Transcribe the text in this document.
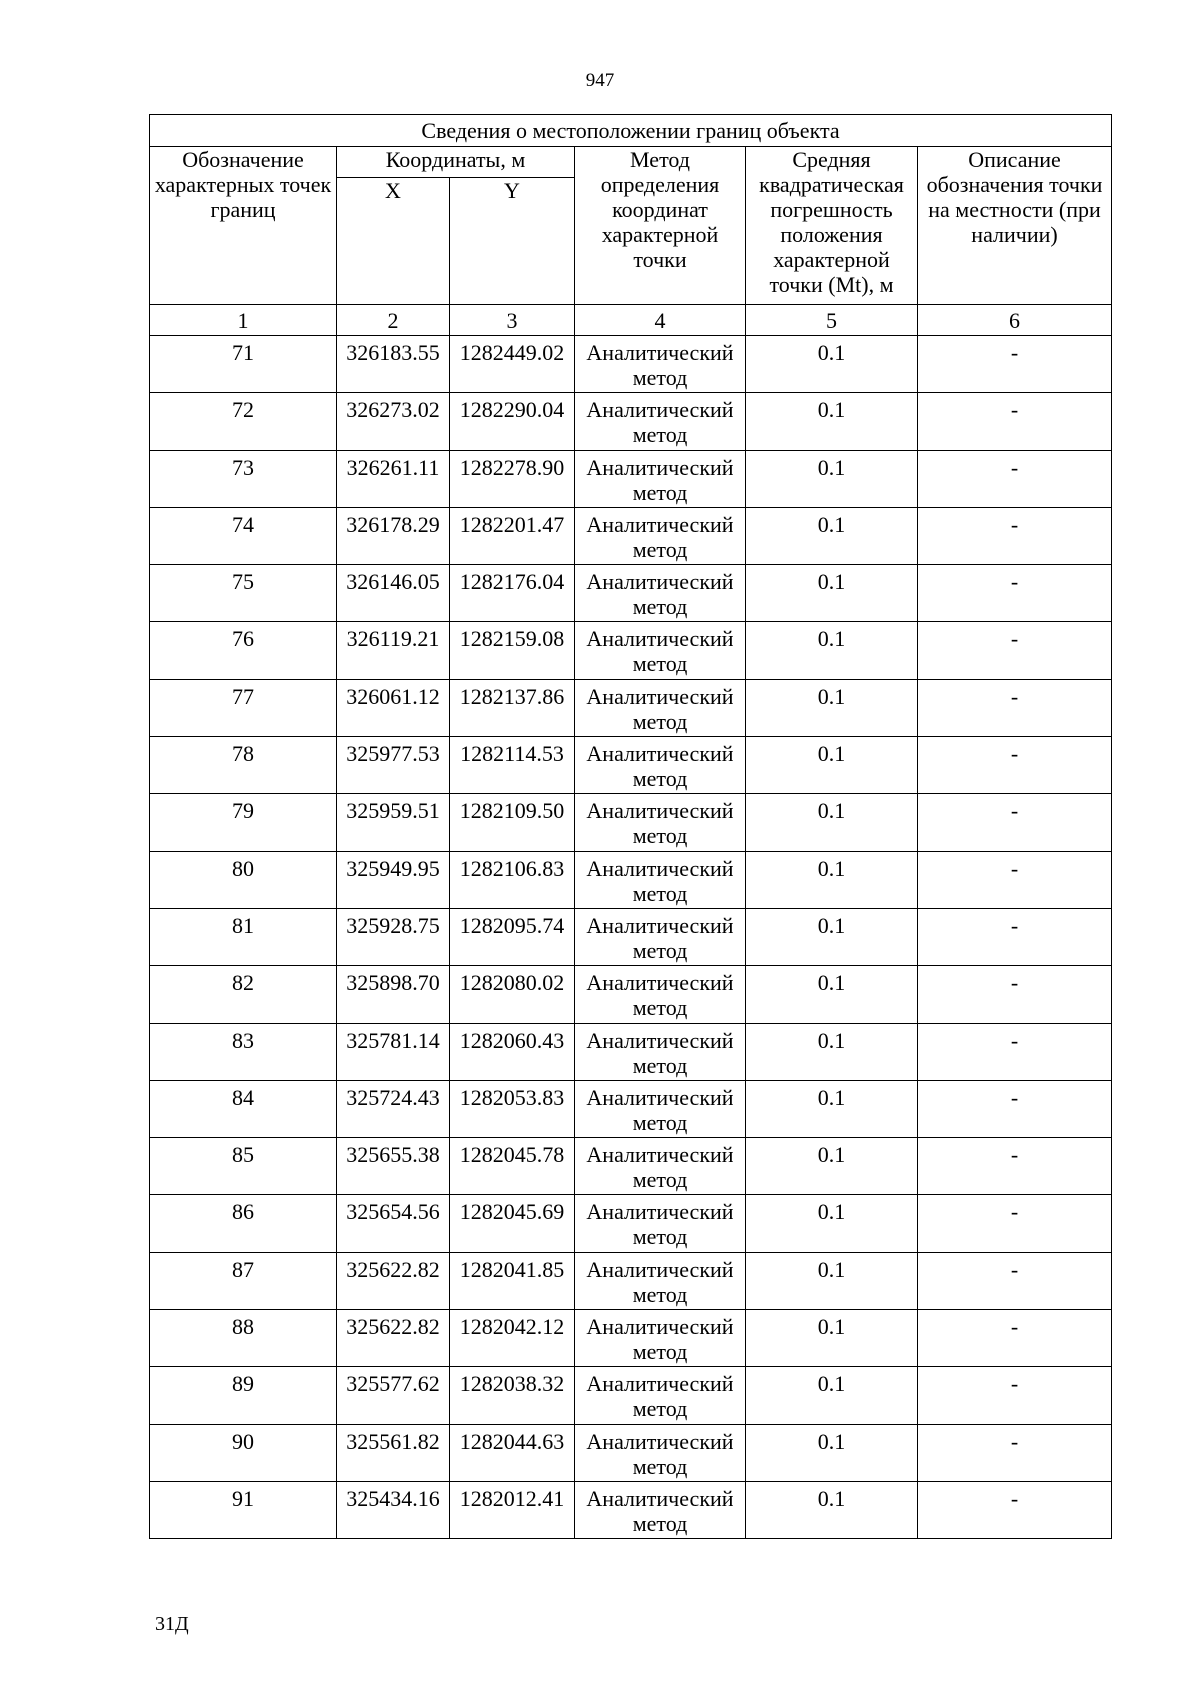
947
Сведения о местоположении границ объекта					
Обозначение характерных точек границ	Координаты, м		Метод определения координат характерной точки	Средняя квадратическая погрешность положения характерной точки (Mt), м	Описание обозначения точки на местности (при наличии)
	X	Y			
1	2	3	4	5	6
71	326183.55	1282449.02	Аналитический метод	0.1	-
72	326273.02	1282290.04	Аналитический метод	0.1	-
73	326261.11	1282278.90	Аналитический метод	0.1	-
74	326178.29	1282201.47	Аналитический метод	0.1	-
75	326146.05	1282176.04	Аналитический метод	0.1	-
76	326119.21	1282159.08	Аналитический метод	0.1	-
77	326061.12	1282137.86	Аналитический метод	0.1	-
78	325977.53	1282114.53	Аналитический метод	0.1	-
79	325959.51	1282109.50	Аналитический метод	0.1	-
80	325949.95	1282106.83	Аналитический метод	0.1	-
81	325928.75	1282095.74	Аналитический метод	0.1	-
82	325898.70	1282080.02	Аналитический метод	0.1	-
83	325781.14	1282060.43	Аналитический метод	0.1	-
84	325724.43	1282053.83	Аналитический метод	0.1	-
85	325655.38	1282045.78	Аналитический метод	0.1	-
86	325654.56	1282045.69	Аналитический метод	0.1	-
87	325622.82	1282041.85	Аналитический метод	0.1	-
88	325622.82	1282042.12	Аналитический метод	0.1	-
89	325577.62	1282038.32	Аналитический метод	0.1	-
90	325561.82	1282044.63	Аналитический метод	0.1	-
91	325434.16	1282012.41	Аналитический метод	0.1	-
31Д
